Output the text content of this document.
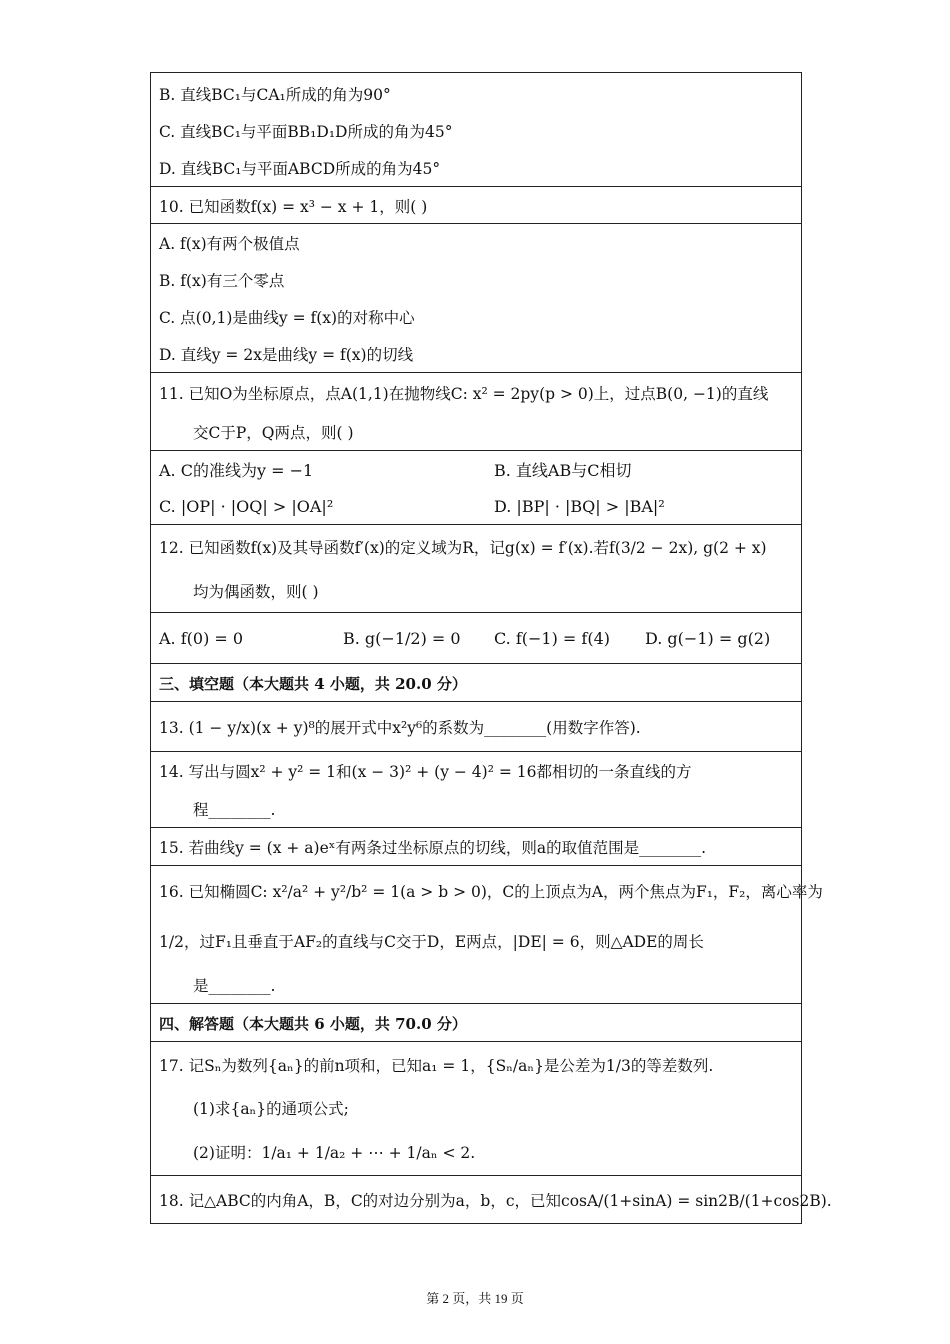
B. 直线BC₁与CA₁所成的角为90°
C. 直线BC₁与平面BB₁D₁D所成的角为45°
D. 直线BC₁与平面ABCD所成的角为45°
10. 已知函数f(x) = x³ − x + 1，则( )
A. f(x)有两个极值点
B. f(x)有三个零点
C. 点(0,1)是曲线y = f(x)的对称中心
D. 直线y = 2x是曲线y = f(x)的切线
11. 已知O为坐标原点，点A(1,1)在抛物线C: x² = 2py(p > 0)上，过点B(0, −1)的直线
交C于P，Q两点，则( )
A. C的准线为y = −1	B. 直线AB与C相切
C. |OP| · |OQ| > |OA|²	D. |BP| · |BQ| > |BA|²
12. 已知函数f(x)及其导函数f′(x)的定义域为R，记g(x) = f′(x).若f(3/2 − 2x), g(2 + x)
均为偶函数，则( )
A. f(0) = 0	B. g(−1/2) = 0 C. f(−1) = f(4) D. g(−1) = g(2)
三、填空题（本大题共 4 小题，共 20.0 分）
13. (1 − y/x)(x + y)⁸的展开式中x²y⁶的系数为________(用数字作答).
14. 写出与圆x² + y² = 1和(x − 3)² + (y − 4)² = 16都相切的一条直线的方
程________.
15. 若曲线y = (x + a)eˣ有两条过坐标原点的切线，则a的取值范围是________.
16. 已知椭圆C: x²/a² + y²/b² = 1(a > b > 0)，C的上顶点为A，两个焦点为F₁，F₂，离心率为
1/2，过F₁且垂直于AF₂的直线与C交于D，E两点，|DE| = 6，则△ADE的周长
是________.
四、解答题（本大题共 6 小题，共 70.0 分）
17. 记Sₙ为数列{aₙ}的前n项和，已知a₁ = 1，{Sₙ/aₙ}是公差为1/3的等差数列.
(1)求{aₙ}的通项公式;
(2)证明：1/a₁ + 1/a₂ + ⋯ + 1/aₙ < 2.
18. 记△ABC的内角A，B，C的对边分别为a，b，c，已知cosA/(1+sinA) = sin2B/(1+cos2B).
第 2 页，共 19 页
